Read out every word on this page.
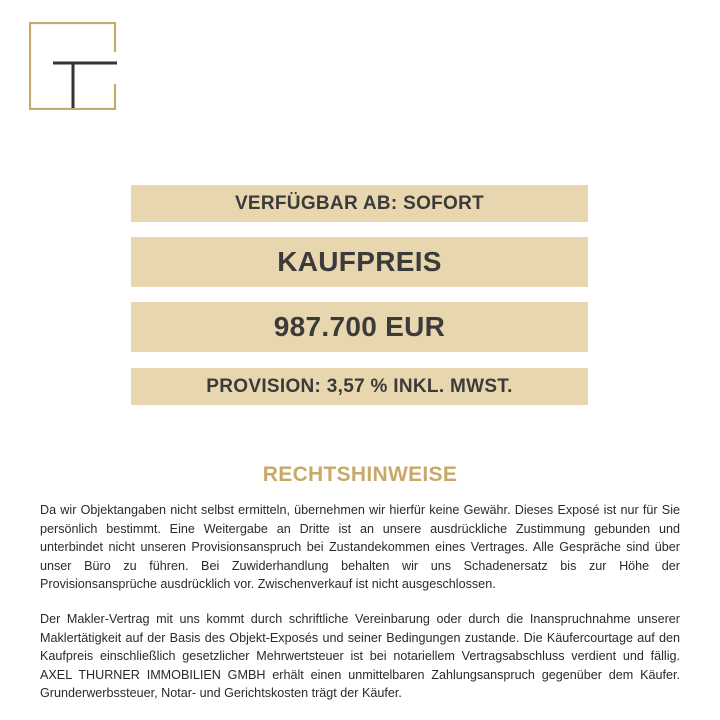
VERFÜGBAR AB: SOFORT
KAUFPREIS
987.700 EUR
PROVISION: 3,57 % INKL. MWST.
RECHTSHINWEISE
Da wir Objektangaben nicht selbst ermitteln, übernehmen wir hierfür keine Gewähr. Dieses Exposé ist nur für Sie persönlich bestimmt. Eine Weitergabe an Dritte ist an unsere ausdrückliche Zustimmung gebunden und unterbindet nicht unseren Provisionsanspruch bei Zustandekommen eines Vertrages. Alle Gespräche sind über unser Büro zu führen. Bei Zuwiderhandlung behalten wir uns Schadenersatz bis zur Höhe der Provisionsansprüche ausdrücklich vor. Zwischenverkauf ist nicht ausgeschlossen.
Der Makler-Vertrag mit uns kommt durch schriftliche Vereinbarung oder durch die Inanspruchnahme unserer Maklertätigkeit auf der Basis des Objekt-Exposés und seiner Bedingungen zustande. Die Käufercourtage auf den Kaufpreis einschließlich gesetzlicher Mehrwertsteuer ist bei notariellem Vertragsabschluss verdient und fällig. AXEL THURNER IMMOBILIEN GMBH erhält einen unmittelbaren Zahlungsanspruch gegenüber dem Käufer. Grunderwerbssteuer, Notar- und Gerichtskosten trägt der Käufer.
